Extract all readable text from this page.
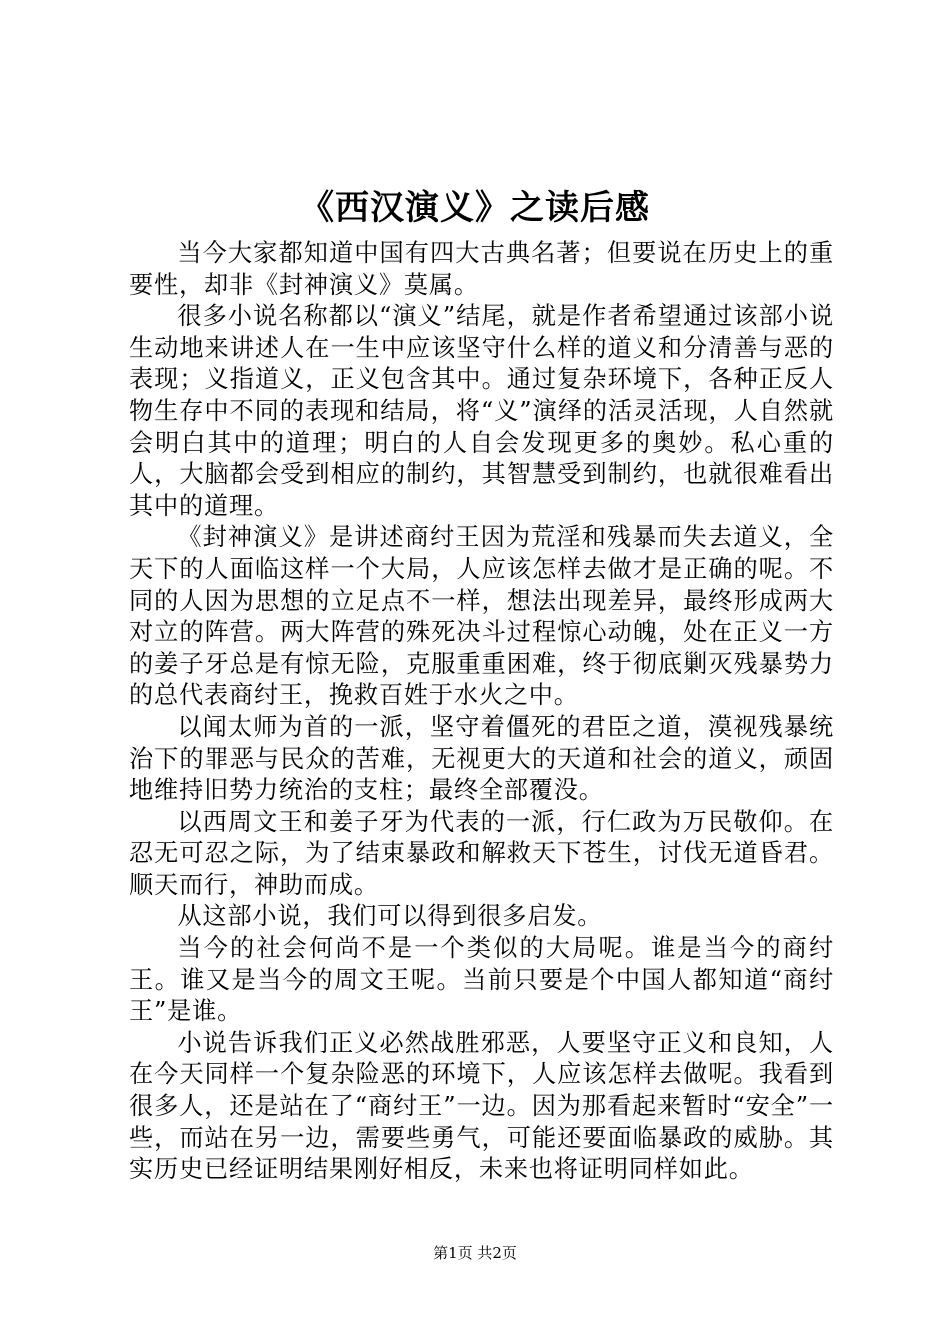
《西汉演义》之读后感

当今大家都知道中国有四大古典名著；但要说在历史上的重要性，却非《封神演义》莫属。

很多小说名称都以“演义”结尾，就是作者希望通过该部小说生动地来讲述人在一生中应该坚守什么样的道义和分清善与恶的表现；义指道义，正义包含其中。通过复杂环境下，各种正反人物生存中不同的表现和结局，将“义”演绎的活灵活现，人自然就会明白其中的道理；明白的人自会发现更多的奥妙。私心重的人，大脑都会受到相应的制约，其智慧受到制约，也就很难看出其中的道理。

《封神演义》是讲述商纣王因为荒淫和残暴而失去道义，全天下的人面临这样一个大局，人应该怎样去做才是正确的呢。不同的人因为思想的立足点不一样，想法出现差异，最终形成两大对立的阵营。两大阵营的殊死决斗过程惊心动魄，处在正义一方的姜子牙总是有惊无险，克服重重困难，终于彻底剿灭残暴势力的总代表商纣王，挽救百姓于水火之中。

以闻太师为首的一派，坚守着僵死的君臣之道，漠视残暴统治下的罪恶与民众的苦难，无视更大的天道和社会的道义，顽固地维持旧势力统治的支柱；最终全部覆没。

以西周文王和姜子牙为代表的一派，行仁政为万民敬仰。在忍无可忍之际，为了结束暴政和解救天下苍生，讨伐无道昏君。顺天而行，神助而成。

从这部小说，我们可以得到很多启发。

当今的社会何尚不是一个类似的大局呢。谁是当今的商纣王。谁又是当今的周文王呢。当前只要是个中国人都知道“商纣王”是谁。

小说告诉我们正义必然战胜邪恶，人要坚守正义和良知，人在今天同样一个复杂险恶的环境下，人应该怎样去做呢。我看到很多人，还是站在了“商纣王”一边。因为那看起来暂时“安全”一些，而站在另一边，需要些勇气，可能还要面临暴政的威胁。其实历史已经证明结果刚好相反，未来也将证明同样如此。

第1页 共2页
